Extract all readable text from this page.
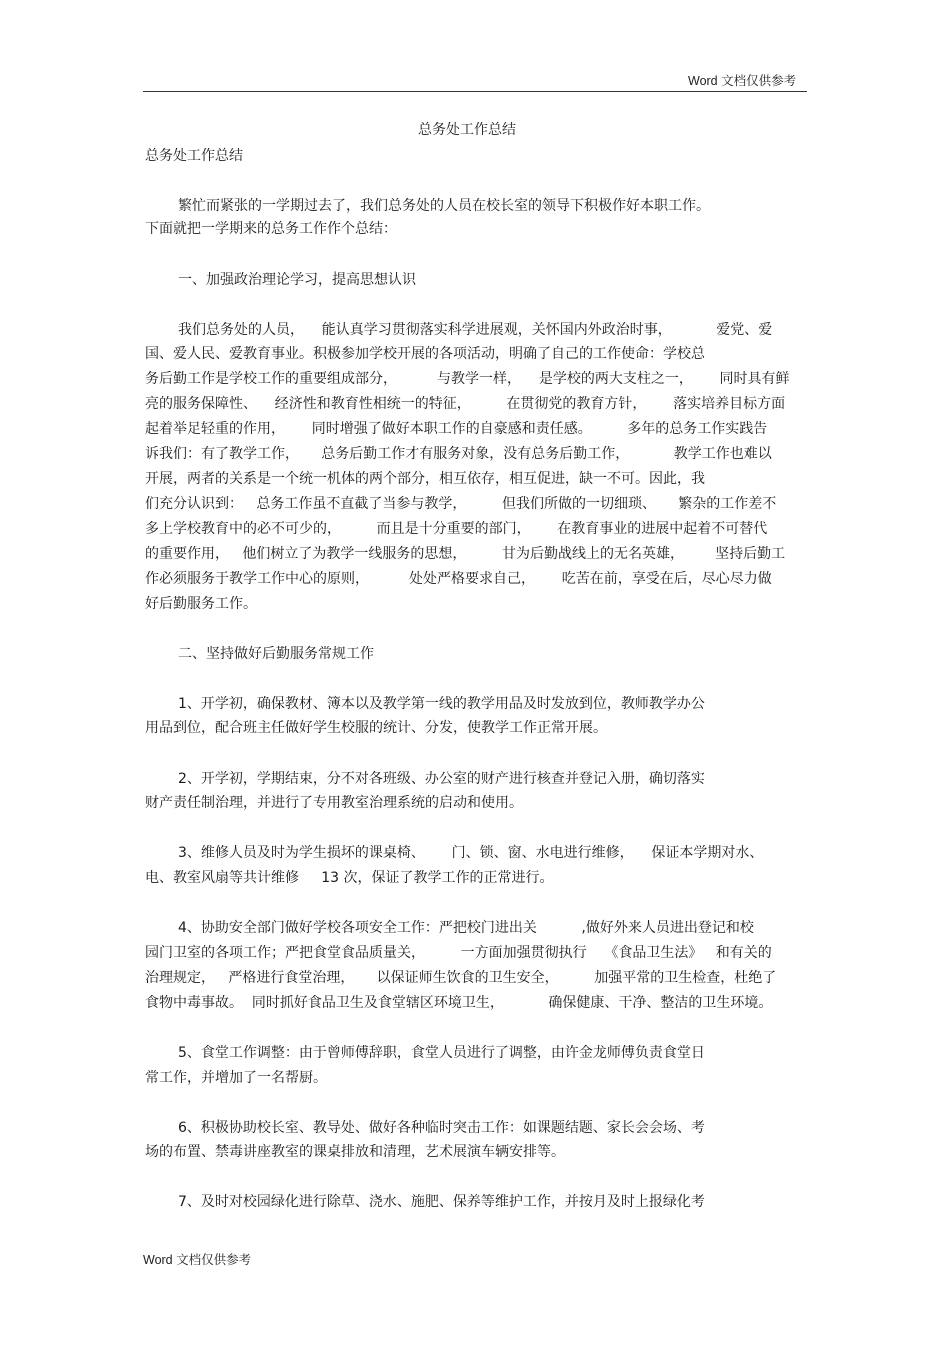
Word 文档仅供参考
总务处工作总结
总务处工作总结
繁忙而紧张的一学期过去了，我们总务处的人员在校长室的领导下积极作好本职工作。
下面就把一学期来的总务工作作个总结：
一、加强政治理论学习，提高思想认识
我们总务处的人员，    能认真学习贯彻落实科学进展观，关怀国内外政治时事，          爱党、爱
国、爱人民、爱教育事业。积极参加学校开展的各项活动，明确了自己的工作使命：学校总
务后勤工作是学校工作的重要组成部分，         与教学一样，    是学校的两大支柱之一，      同时具有鲜
亮的服务保障性、    经济性和教育性相统一的特征，        在贯彻党的教育方针，      落实培养目标方面
起着举足轻重的作用，      同时增强了做好本职工作的自豪感和责任感。        多年的总务工作实践告
诉我们：有了教学工作，     总务后勤工作才有服务对象，没有总务后勤工作，          教学工作也难以
开展，两者的关系是一个统一机体的两个部分，相互依存，相互促进，缺一不可。因此，我
们充分认识到：   总务工作虽不直截了当参与教学，        但我们所做的一切细琐、     繁杂的工作差不
多上学校教育中的必不可少的，        而且是十分重要的部门，      在教育事业的进展中起着不可替代
的重要作用，   他们树立了为教学一线服务的思想，        甘为后勤战线上的无名英雄，       坚持后勤工
作必须服务于教学工作中心的原则，         处处严格要求自己，      吃苦在前，享受在后，尽心尽力做
好后勤服务工作。
二、坚持做好后勤服务常规工作
1、开学初，确保教材、簿本以及教学第一线的教学用品及时发放到位，教师教学办公
用品到位，配合班主任做好学生校服的统计、分发，使教学工作正常开展。
2、开学初，学期结束，分不对各班级、办公室的财产进行核查并登记入册，确切落实
财产责任制治理，并进行了专用教室治理系统的启动和使用。
3、维修人员及时为学生损坏的课桌椅、      门、锁、窗、水电进行维修，    保证本学期对水、
电、教室风扇等共计维修     13 次，保证了教学工作的正常进行。
4、协助安全部门做好学校各项安全工作：严把校门进出关          ,做好外来人员进出登记和校
园门卫室的各项工作；严把食堂食品质量关，        一方面加强贯彻执行    《食品卫生法》   和有关的
治理规定，   严格进行食堂治理，     以保证师生饮食的卫生安全，        加强平常的卫生检查，杜绝了
食物中毒事故。  同时抓好食品卫生及食堂辖区环境卫生，          确保健康、干净、整洁的卫生环境。
5、食堂工作调整：由于曾师傅辞职，食堂人员进行了调整，由许金龙师傅负责食堂日
常工作，并增加了一名帮厨。
6、积极协助校长室、教导处、做好各种临时突击工作：如课题结题、家长会会场、考
场的布置、禁毒讲座教室的课桌排放和清理，艺术展演车辆安排等。
7、及时对校园绿化进行除草、浇水、施肥、保养等维护工作，并按月及时上报绿化考
Word 文档仅供参考
